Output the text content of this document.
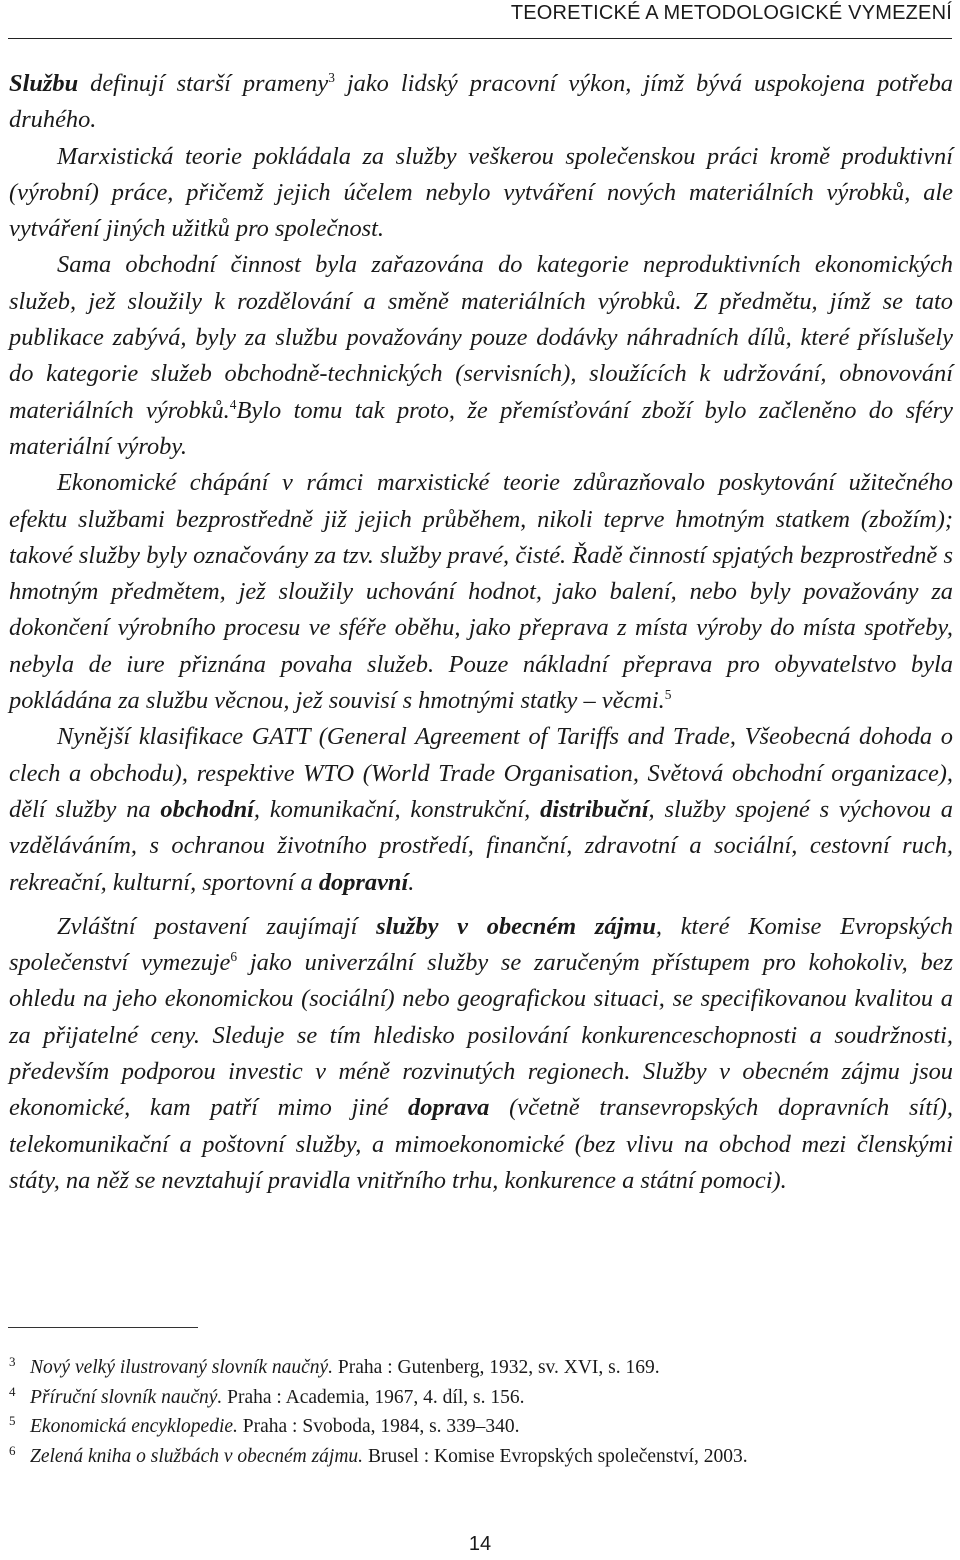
TEORETICKÉ A METODOLOGICKÉ VYMEZENÍ

Službu definují starší prameny$^3$ jako lidský pracovní výkon, jímž bývá uspokojena potřeba druhého.

Marxistická teorie pokládala za služby veškerou společenskou práci kromě produktivní (výrobní) práce, přičemž jejich účelem nebylo vytváření nových materiálních výrobků, ale vytváření jiných užitků pro společnost.

Sama obchodní činnost byla zařazována do kategorie neproduktivních ekonomických služeb, jež sloužily k rozdělování a směně materiálních výrobků. Z předmětu, jímž se tato publikace zabývá, byly za službu považovány pouze dodávky náhradních dílů, které příslušely do kategorie služeb obchodně-technických (servisních), sloužících k udržování, obnovování materiálních výrobků.$^4$Bylo tomu tak proto, že přemísťování zboží bylo začleněno do sféry materiální výroby.

Ekonomické chápání v rámci marxistické teorie zdůrazňovalo poskytování užitečného efektu službami bezprostředně již jejich průběhem, nikoli teprve hmotným statkem (zbožím); takové služby byly označovány za tzv. služby pravé, čisté. Řadě činností spjatých bezprostředně s hmotným předmětem, jež sloužily uchování hodnot, jako balení, nebo byly považovány za dokončení výrobního procesu ve sféře oběhu, jako přeprava z místa výroby do místa spotřeby, nebyla de iure přiznána povaha služeb. Pouze nákladní přeprava pro obyvatelstvo byla pokládána za službu věcnou, jež souvisí s hmotnými statky – věcmi.$^5$

Nynější klasifikace GATT (General Agreement of Tariffs and Trade, Všeobecná dohoda o clech a obchodu), respektive WTO (World Trade Organisation, Světová obchodní organizace), dělí služby na obchodní, komunikační, konstrukční, distribuční, služby spojené s výchovou a vzděláváním, s ochranou životního prostředí, finanční, zdravotní a sociální, cestovní ruch, rekreační, kulturní, sportovní a dopravní.

Zvláštní postavení zaujímají služby v obecném zájmu, které Komise Evropských společenství vymezuje$^6$ jako univerzální služby se zaručeným přístupem pro kohokoliv, bez ohledu na jeho ekonomickou (sociální) nebo geografickou situaci, se specifikovanou kvalitou a za přijatelné ceny. Sleduje se tím hledisko posilování konkurenceschopnosti a soudržnosti, především podporou investic v méně rozvinutých regionech. Služby v obecném zájmu jsou ekonomické, kam patří mimo jiné doprava (včetně transevropských dopravních sítí), telekomunikační a poštovní služby, a mimoekonomické (bez vlivu na obchod mezi členskými státy, na něž se nevztahují pravidla vnitřního trhu, konkurence a státní pomoci).

3 Nový velký ilustrovaný slovník naučný. Praha : Gutenberg, 1932, sv. XVI, s. 169.
4 Příruční slovník naučný. Praha : Academia, 1967, 4. díl, s. 156.
5 Ekonomická encyklopedie. Praha : Svoboda, 1984, s. 339–340.
6 Zelená kniha o službách v obecném zájmu. Brusel : Komise Evropských společenství, 2003.
14
